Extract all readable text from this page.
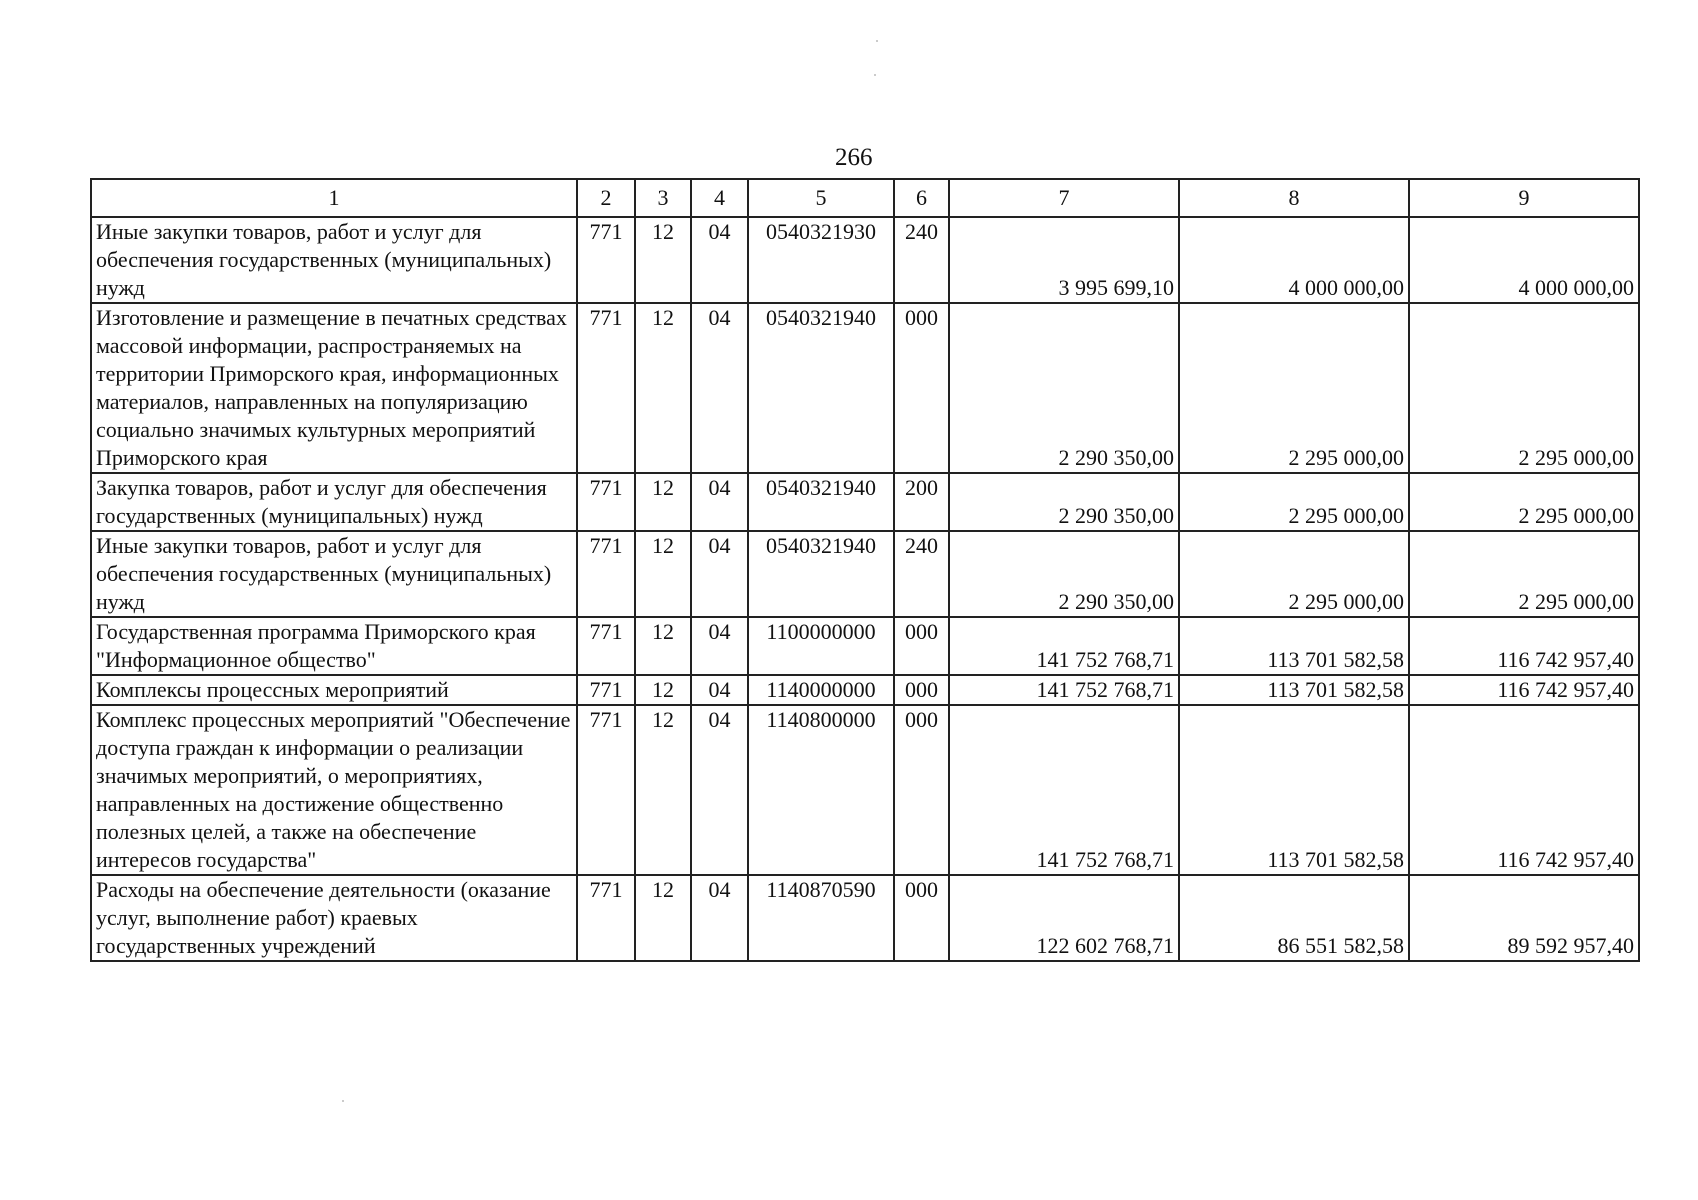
266
1	2	3	4	5	6	7	8	9
Иные закупки товаров, работ и услуг для обеспечения государственных (муниципальных) нужд	771	12	04	0540321930	240	3 995 699,10	4 000 000,00	4 000 000,00
Изготовление и размещение в печатных средствах массовой информации, распространяемых на территории Приморского края, информационных материалов, направленных на популяризацию социально значимых культурных мероприятий Приморского края	771	12	04	0540321940	000	2 290 350,00	2 295 000,00	2 295 000,00
Закупка товаров, работ и услуг для обеспечения государственных (муниципальных) нужд	771	12	04	0540321940	200	2 290 350,00	2 295 000,00	2 295 000,00
Иные закупки товаров, работ и услуг для обеспечения государственных (муниципальных) нужд	771	12	04	0540321940	240	2 290 350,00	2 295 000,00	2 295 000,00
Государственная программа Приморского края "Информационное общество"	771	12	04	1100000000	000	141 752 768,71	113 701 582,58	116 742 957,40
Комплексы процессных мероприятий	771	12	04	1140000000	000	141 752 768,71	113 701 582,58	116 742 957,40
Комплекс процессных мероприятий "Обеспечение доступа граждан к информации о реализации значимых мероприятий, о мероприятиях, направленных на достижение общественно полезных целей, а также на обеспечение интересов государства"	771	12	04	1140800000	000	141 752 768,71	113 701 582,58	116 742 957,40
Расходы на обеспечение деятельности (оказание услуг, выполнение работ) краевых государственных учреждений	771	12	04	1140870590	000	122 602 768,71	86 551 582,58	89 592 957,40
